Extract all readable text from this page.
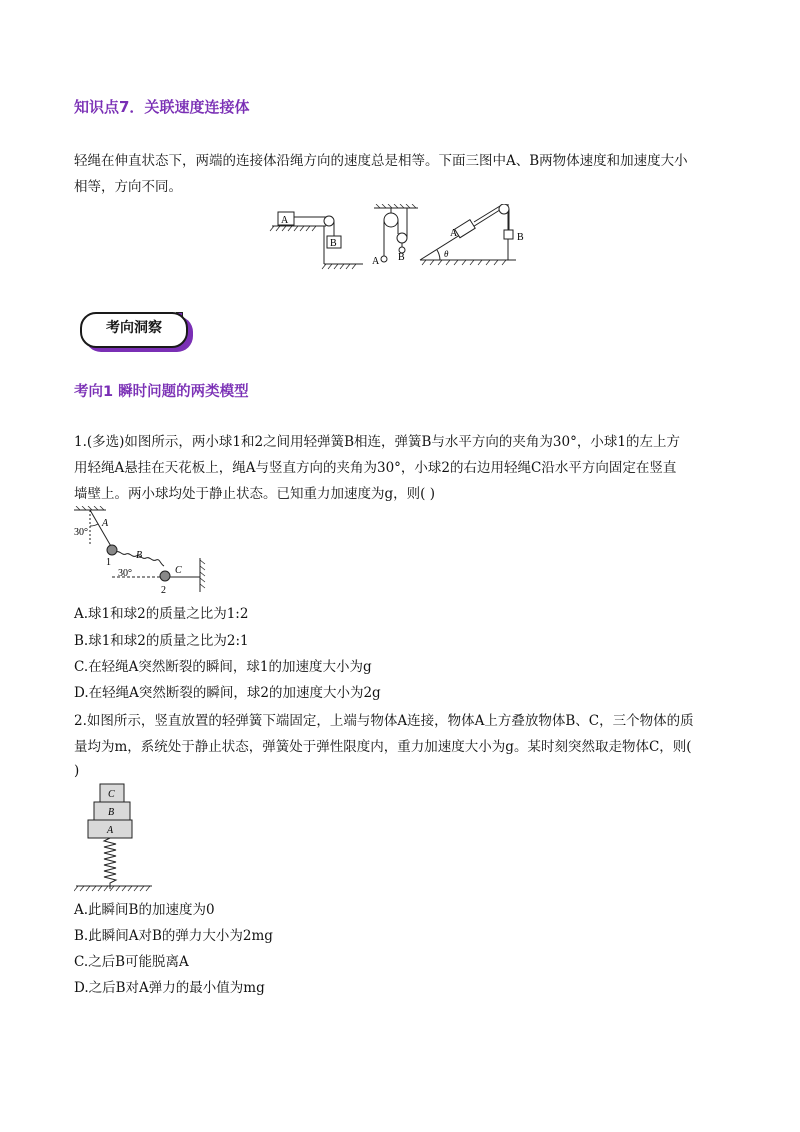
知识点7．关联速度连接体
轻绳在伸直状态下，两端的连接体沿绳方向的速度总是相等。下面三图中A、B两物体速度和加速度大小
相等，方向不同。
A
B
A B
A	B
θ
考向洞察
考向1 瞬时问题的两类模型
1.(多选)如图所示，两小球1和2之间用轻弹簧B相连，弹簧B与水平方向的夹角为30°，小球1的左上方
用轻绳A悬挂在天花板上，绳A与竖直方向的夹角为30°，小球2的右边用轻绳C沿水平方向固定在竖直
墙壁上。两小球均处于静止状态。已知重力加速度为g，则( )
30°
A
B
30°	C
1
2
A.球1和球2的质量之比为1:2
B.球1和球2的质量之比为2:1
C.在轻绳A突然断裂的瞬间，球1的加速度大小为g
D.在轻绳A突然断裂的瞬间，球2的加速度大小为2g
2.如图所示，竖直放置的轻弹簧下端固定，上端与物体A连接，物体A上方叠放物体B、C，三个物体的质
量均为m，系统处于静止状态，弹簧处于弹性限度内，重力加速度大小为g。某时刻突然取走物体C，则(
)
C
B
A
A.此瞬间B的加速度为0
B.此瞬间A对B的弹力大小为2mg
C.之后B可能脱离A
D.之后B对A弹力的最小值为mg
